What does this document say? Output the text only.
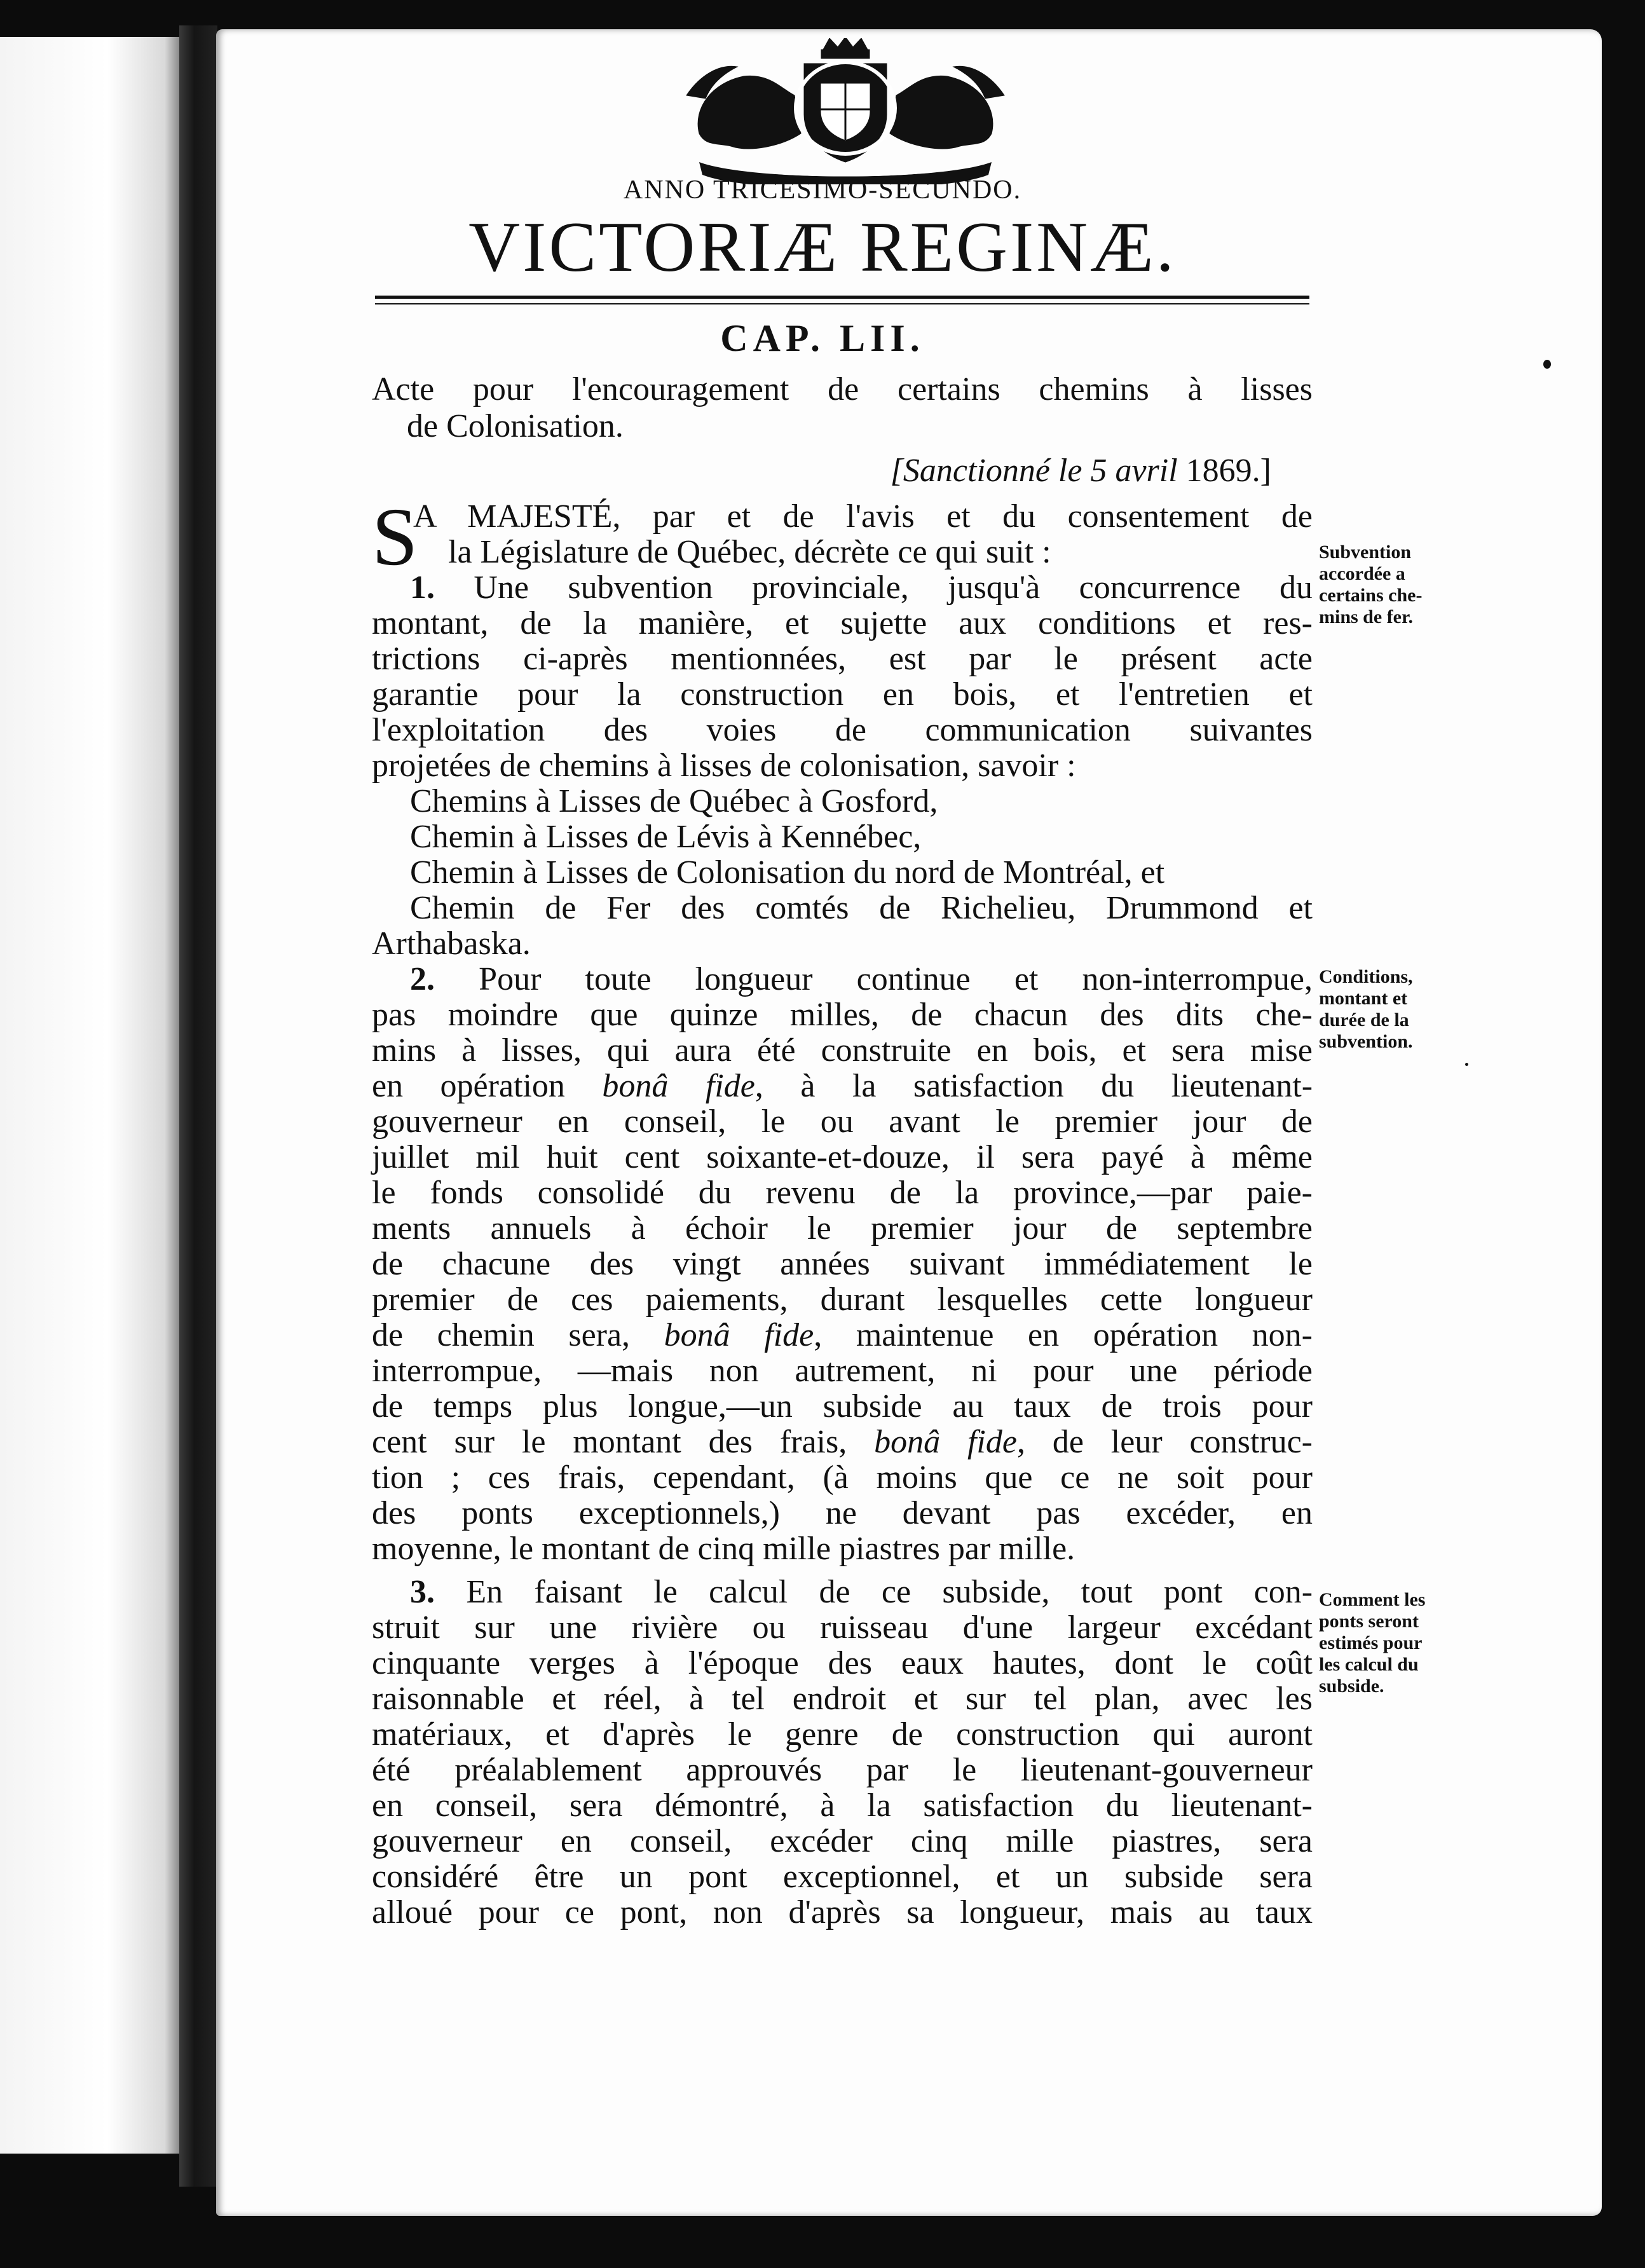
ANNO TRICESIMO-SECUNDO.
VICTORIÆ REGINÆ.
CAP. LII.
Acte pour l'encouragement de certains chemins à lisses
de Colonisation.
[Sanctionné le 5 avril 1869.]
S
A MAJESTÉ, par et de l'avis et du consentement de
la Législature de Québec, décrète ce qui suit :
1. Une subvention provinciale, jusqu'à concurrence du
montant, de la manière, et sujette aux conditions et res-
trictions ci-après mentionnées, est par le présent acte
garantie pour la construction en bois, et l'entretien et
l'exploitation des voies de communication suivantes
projetées de chemins à lisses de colonisation, savoir :
Chemins à Lisses de Québec à Gosford,
Chemin à Lisses de Lévis à Kennébec,
Chemin à Lisses de Colonisation du nord de Montréal, et
Chemin de Fer des comtés de Richelieu, Drummond et
Arthabaska.
2. Pour toute longueur continue et non-interrompue,
pas moindre que quinze milles, de chacun des dits che-
mins à lisses, qui aura été construite en bois, et sera mise
en opération bonâ fide, à la satisfaction du lieutenant-
gouverneur en conseil, le ou avant le premier jour de
juillet mil huit cent soixante-et-douze, il sera payé à même
le fonds consolidé du revenu de la province,—par paie-
ments annuels à échoir le premier jour de septembre
de chacune des vingt années suivant immédiatement le
premier de ces paiements, durant lesquelles cette longueur
de chemin sera, bonâ fide, maintenue en opération non-
interrompue, —mais non autrement, ni pour une période
de temps plus longue,—un subside au taux de trois pour
cent sur le montant des frais, bonâ fide, de leur construc-
tion ; ces frais, cependant, (à moins que ce ne soit pour
des ponts exceptionnels,) ne devant pas excéder, en
moyenne, le montant de cinq mille piastres par mille.
3. En faisant le calcul de ce subside, tout pont con-
struit sur une rivière ou ruisseau d'une largeur excédant
cinquante verges à l'époque des eaux hautes, dont le coût
raisonnable et réel, à tel endroit et sur tel plan, avec les
matériaux, et d'après le genre de construction qui auront
été préalablement approuvés par le lieutenant-gouverneur
en conseil, sera démontré, à la satisfaction du lieutenant-
gouverneur en conseil, excéder cinq mille piastres, sera
considéré être un pont exceptionnel, et un subside sera
alloué pour ce pont, non d'après sa longueur, mais au taux
Subvention
accordée a
certains che-
mins de fer.
Conditions,
montant et
durée de la
subvention.
Comment les
ponts seront
estimés pour
les calcul du
subside.
